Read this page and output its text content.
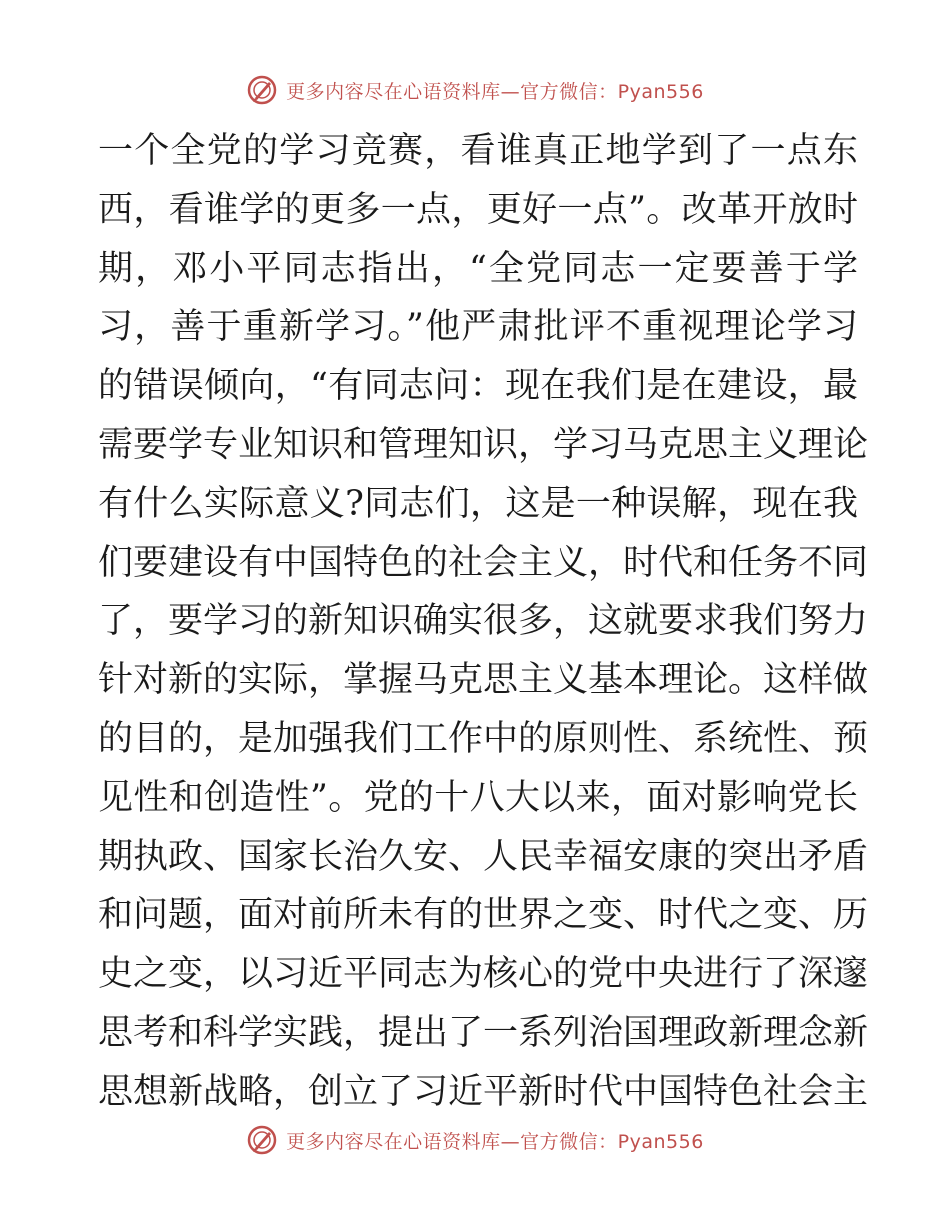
更多内容尽在心语资料库—官方微信：Pyan556
一个全党的学习竞赛，看谁真正地学到了一点东
西，看谁学的更多一点，更好一点”。改革开放时
期，邓小平同志指出，“全党同志一定要善于学
习，善于重新学习。”他严肃批评不重视理论学习
的错误倾向，“有同志问：现在我们是在建设，最
需要学专业知识和管理知识，学习马克思主义理论
有什么实际意义?同志们，这是一种误解，现在我
们要建设有中国特色的社会主义，时代和任务不同
了，要学习的新知识确实很多，这就要求我们努力
针对新的实际，掌握马克思主义基本理论。这样做
的目的，是加强我们工作中的原则性、系统性、预
见性和创造性”。党的十八大以来，面对影响党长
期执政、国家长治久安、人民幸福安康的突出矛盾
和问题，面对前所未有的世界之变、时代之变、历
史之变，以习近平同志为核心的党中央进行了深邃
思考和科学实践，提出了一系列治国理政新理念新
思想新战略，创立了习近平新时代中国特色社会主
更多内容尽在心语资料库—官方微信：Pyan556
